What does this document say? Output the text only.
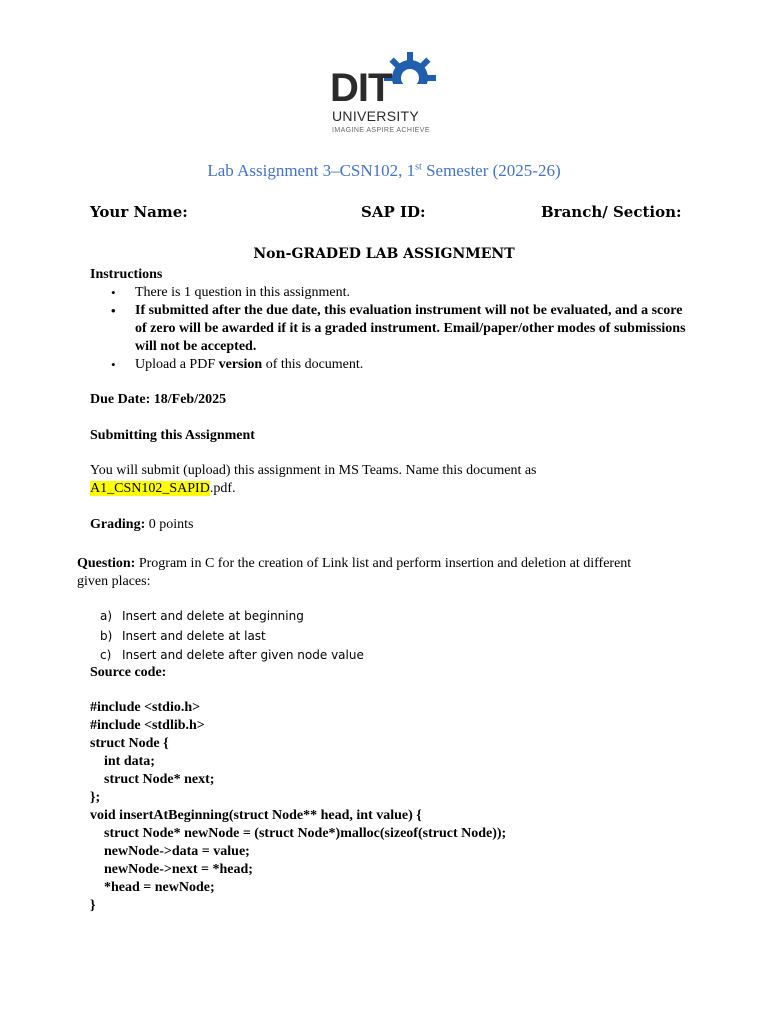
DIT
UNIVERSITY
IMAGINE ASPIRE ACHIEVE
Lab Assignment 3–CSN102, 1st Semester (2025-26)
Your Name:	SAP ID:	Branch/ Section:
Non-GRADED LAB ASSIGNMENT
Instructions
• There is 1 question in this assignment.
• If submitted after the due date, this evaluation instrument will not be evaluated, and a score of zero will be awarded if it is a graded instrument. Email/paper/other modes of submissions will not be accepted.
• Upload a PDF version of this document.
Due Date: 18/Feb/2025
Submitting this Assignment
You will submit (upload) this assignment in MS Teams. Name this document as
A1_CSN102_SAPID.pdf.
Grading: 0 points
Question: Program in C for the creation of Link list and perform insertion and deletion at different given places:
a) Insert and delete at beginning
b) Insert and delete at last
c) Insert and delete after given node value
Source code:
#include <stdio.h>
#include <stdlib.h>
struct Node {
int data;
struct Node* next;
};
void insertAtBeginning(struct Node** head, int value) {
struct Node* newNode = (struct Node*)malloc(sizeof(struct Node));
newNode->data = value;
newNode->next = *head;
*head = newNode;
}
